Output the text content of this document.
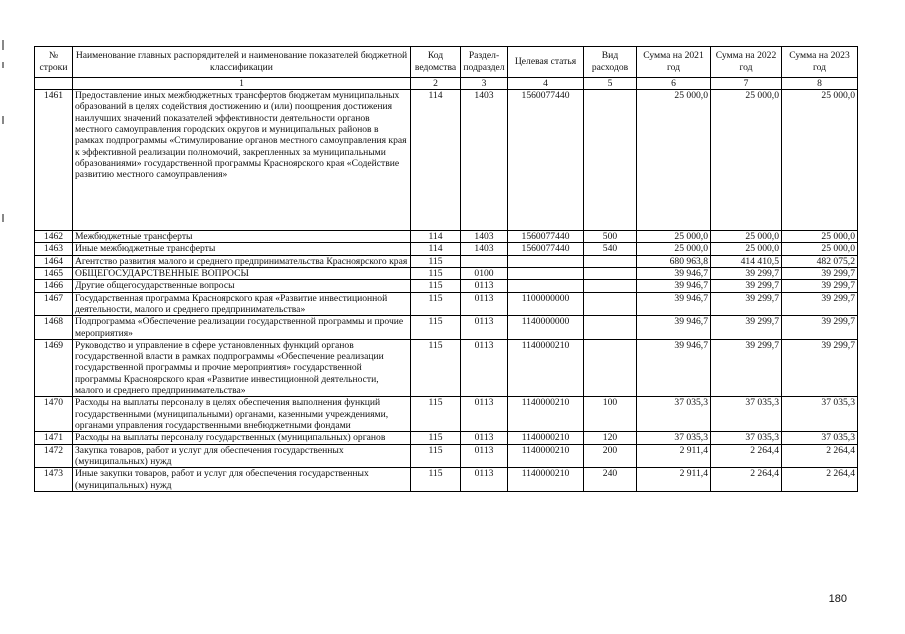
№ строки	Наименование главных распорядителей и наименование показателей бюджетной классификации	Код ведомства	Раздел- подраздел	Целевая статья	Вид расходов	Сумма на 2021 год	Сумма на 2022 год	Сумма на 2023 год
	1	2	3	4	5	6	7	8
1461	Предоставление иных межбюджетных трансфертов бюджетам муниципальных образований в целях содействия достижению и (или) поощрения достижения наилучших значений показателей эффективности деятельности органов местного самоуправления городских округов и муниципальных районов в рамках подпрограммы «Стимулирование органов местного самоуправления края к эффективной реализации полномочий, закрепленных за муниципальными образованиями» государственной программы Красноярского края «Содействие развитию местного самоуправления»	114	1403	1560077440		25 000,0	25 000,0	25 000,0
1462	Межбюджетные трансферты	114	1403	1560077440	500	25 000,0	25 000,0	25 000,0
1463	Иные межбюджетные трансферты	114	1403	1560077440	540	25 000,0	25 000,0	25 000,0
1464	Агентство развития малого и среднего предпринимательства Красноярского края	115				680 963,8	414 410,5	482 075,2
1465	ОБЩЕГОСУДАРСТВЕННЫЕ ВОПРОСЫ	115	0100			39 946,7	39 299,7	39 299,7
1466	Другие общегосударственные вопросы	115	0113			39 946,7	39 299,7	39 299,7
1467	Государственная программа Красноярского края «Развитие инвестиционной деятельности, малого и среднего предпринимательства»	115	0113	1100000000		39 946,7	39 299,7	39 299,7
1468	Подпрограмма «Обеспечение реализации государственной программы и прочие мероприятия»	115	0113	1140000000		39 946,7	39 299,7	39 299,7
1469	Руководство и управление в сфере установленных функций органов государственной власти в рамках подпрограммы «Обеспечение реализации государственной программы и прочие мероприятия» государственной программы Красноярского края «Развитие инвестиционной деятельности, малого и среднего предпринимательства»	115	0113	1140000210		39 946,7	39 299,7	39 299,7
1470	Расходы на выплаты персоналу в целях обеспечения выполнения функций государственными (муниципальными) органами, казенными учреждениями, органами управления государственными внебюджетными фондами	115	0113	1140000210	100	37 035,3	37 035,3	37 035,3
1471	Расходы на выплаты персоналу государственных (муниципальных) органов	115	0113	1140000210	120	37 035,3	37 035,3	37 035,3
1472	Закупка товаров, работ и услуг для обеспечения государственных (муниципальных) нужд	115	0113	1140000210	200	2 911,4	2 264,4	2 264,4
1473	Иные закупки товаров, работ и услуг для обеспечения государственных (муниципальных) нужд	115	0113	1140000210	240	2 911,4	2 264,4	2 264,4
180
